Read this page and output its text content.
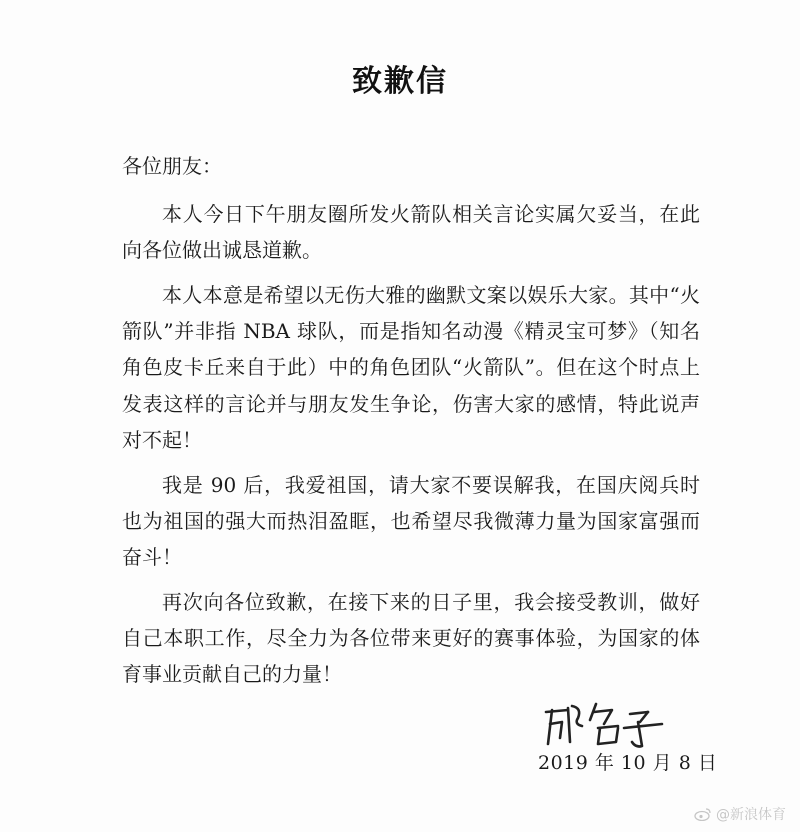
致歉信
各位朋友：

本人今日下午朋友圈所发火箭队相关言论实属欠妥当，在此向各位做出诚恳道歉。

本人本意是希望以无伤大雅的幽默文案以娱乐大家。其中“火箭队”并非指 NBA 球队，而是指知名动漫《精灵宝可梦》（知名角色皮卡丘来自于此）中的角色团队“火箭队”。但在这个时点上发表这样的言论并与朋友发生争论，伤害大家的感情，特此说声对不起！

我是 90 后，我爱祖国，请大家不要误解我，在国庆阅兵时也为祖国的强大而热泪盈眶，也希望尽我微薄力量为国家富强而奋斗！

再次向各位致歉，在接下来的日子里，我会接受教训，做好自己本职工作，尽全力为各位带来更好的赛事体验，为国家的体育事业贡献自己的力量！

2019 年 10 月 8 日
@新浪体育
